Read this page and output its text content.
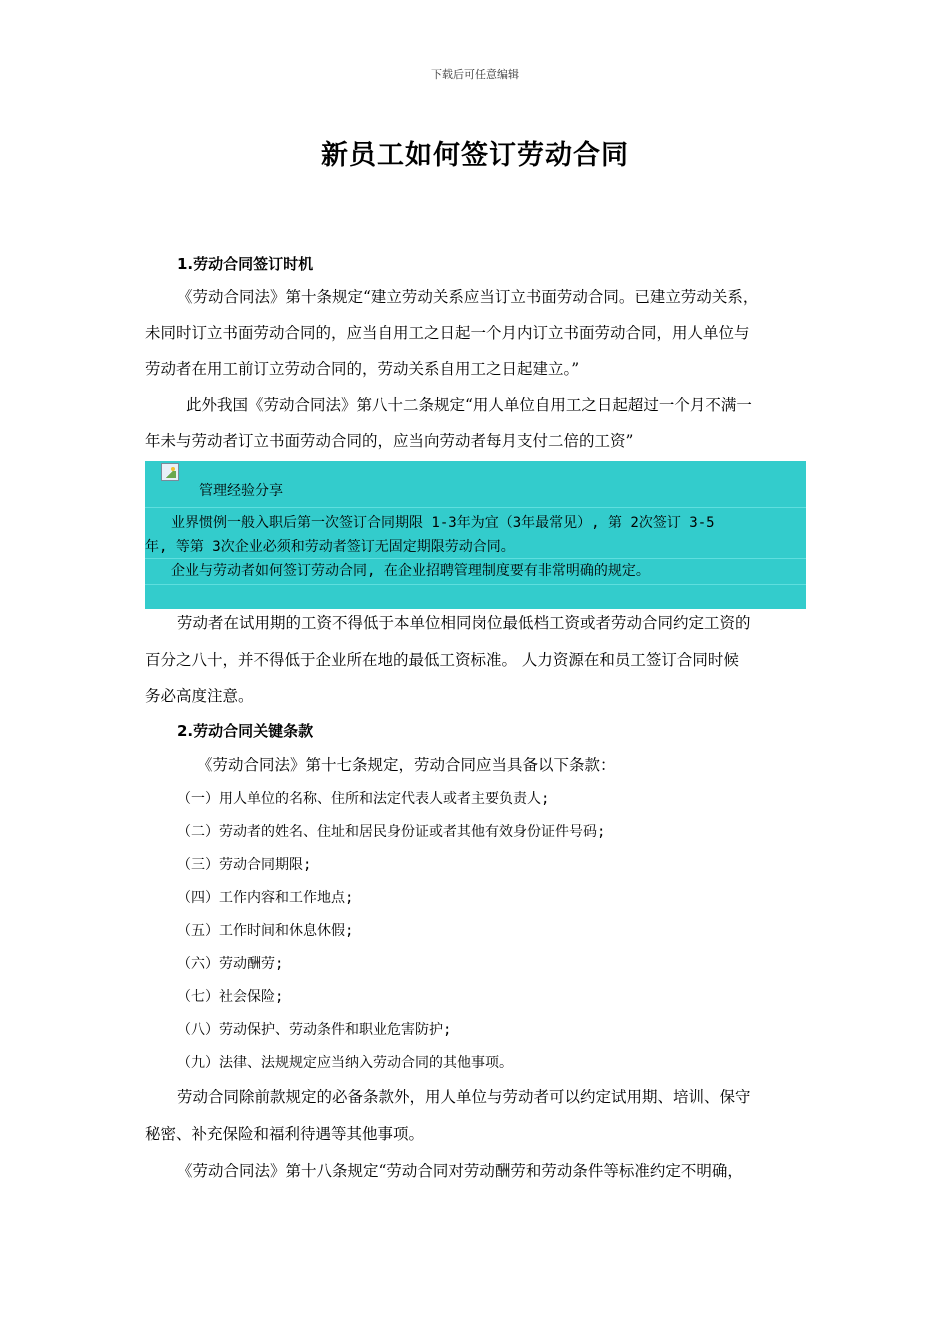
下载后可任意编辑
新员工如何签订劳动合同
1.劳动合同签订时机
《劳动合同法》第十条规定“建立劳动关系应当订立书面劳动合同。已建立劳动关系，
未同时订立书面劳动合同的，应当自用工之日起一个月内订立书面劳动合同，用人单位与
劳动者在用工前订立劳动合同的，劳动关系自用工之日起建立。”
此外我国《劳动合同法》第八十二条规定“用人单位自用工之日起超过一个月不满一
年未与劳动者订立书面劳动合同的，应当向劳动者每月支付二倍的工资”
管理经验分享
业界惯例一般入职后第一次签订合同期限 1-3年为宜（3年最常见）, 第 2次签订 3-5
年, 等第 3次企业必须和劳动者签订无固定期限劳动合同。
企业与劳动者如何签订劳动合同, 在企业招聘管理制度要有非常明确的规定。
劳动者在试用期的工资不得低于本单位相同岗位最低档工资或者劳动合同约定工资的
百分之八十，并不得低于企业所在地的最低工资标准。 人力资源在和员工签订合同时候
务必高度注意。
2.劳动合同关键条款
《劳动合同法》第十七条规定，劳动合同应当具备以下条款：
（一）用人单位的名称、住所和法定代表人或者主要负责人;
（二）劳动者的姓名、住址和居民身份证或者其他有效身份证件号码;
（三）劳动合同期限;
（四）工作内容和工作地点;
（五）工作时间和休息休假;
（六）劳动酬劳;
（七）社会保险;
（八）劳动保护、劳动条件和职业危害防护;
（九）法律、法规规定应当纳入劳动合同的其他事项。
劳动合同除前款规定的必备条款外，用人单位与劳动者可以约定试用期、培训、保守
秘密、补充保险和福利待遇等其他事项。
《劳动合同法》第十八条规定“劳动合同对劳动酬劳和劳动条件等标准约定不明确，
